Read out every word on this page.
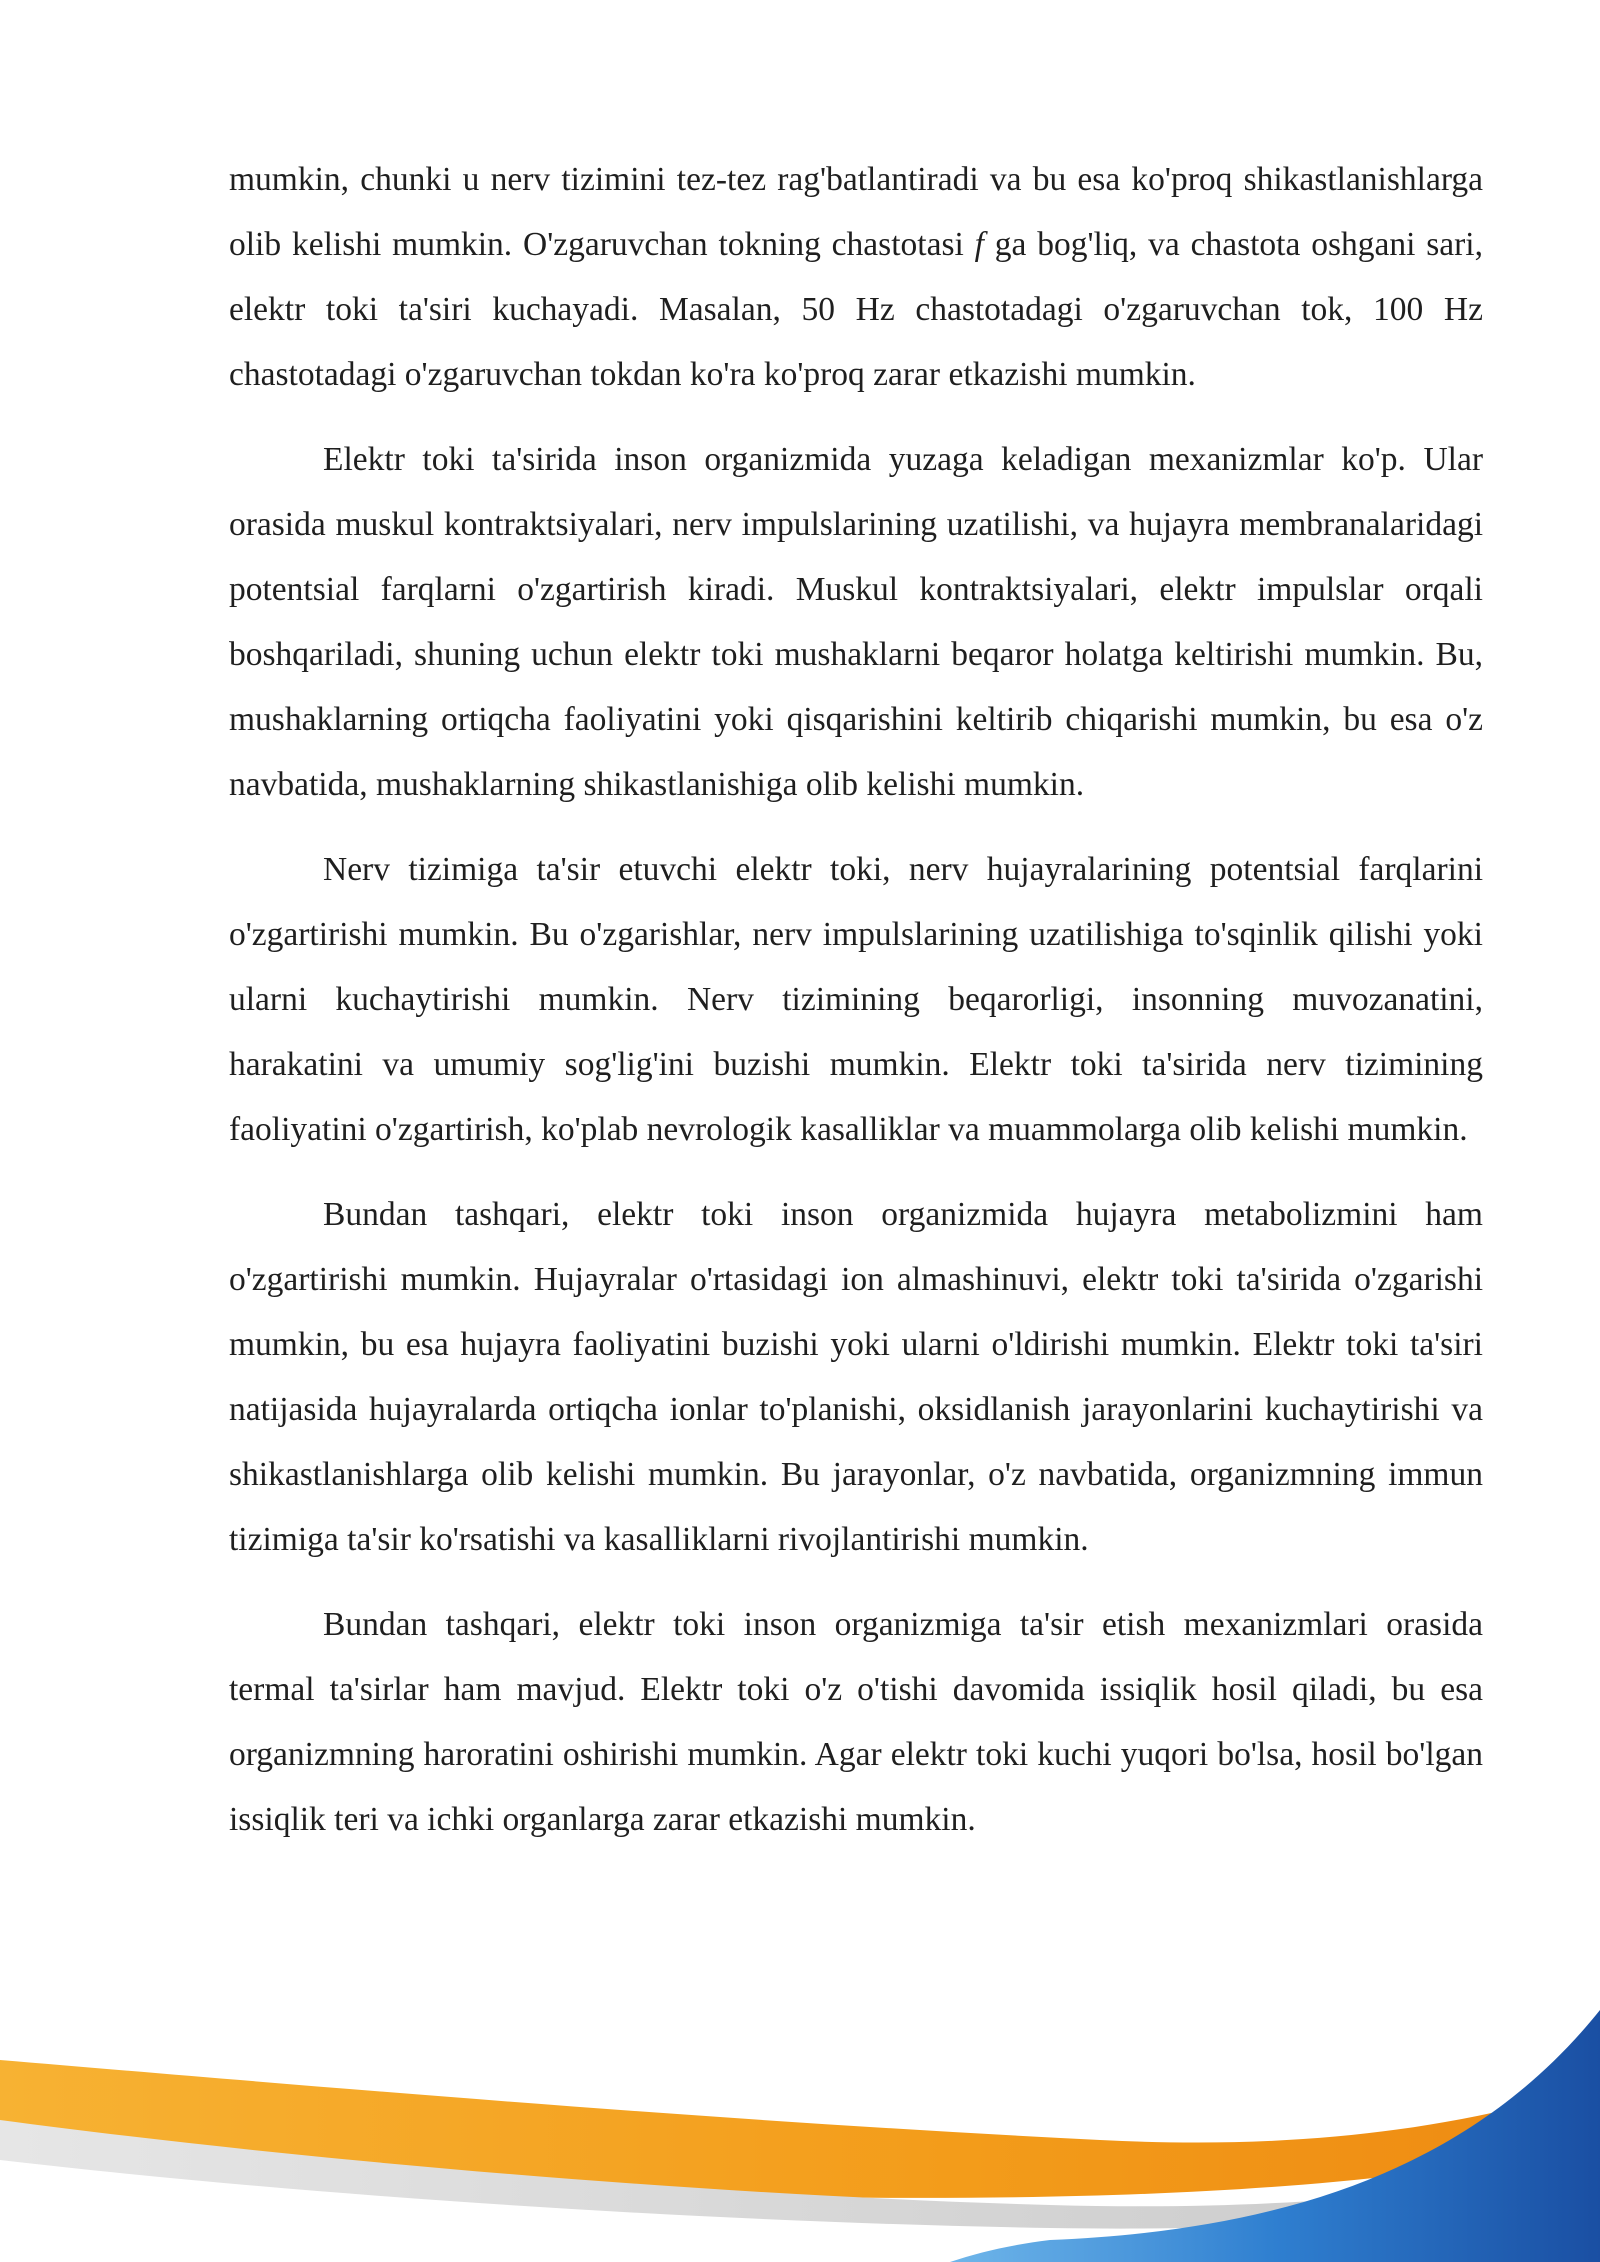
mumkin, chunki u nerv tizimini tez-tez rag'batlantiradi va bu esa ko'proq shikastlanishlarga olib kelishi mumkin. O'zgaruvchan tokning chastotasi f ga bog'liq, va chastota oshgani sari, elektr toki ta'siri kuchayadi. Masalan, 50 Hz chastotadagi o'zgaruvchan tok, 100 Hz chastotadagi o'zgaruvchan tokdan ko'ra ko'proq zarar etkazishi mumkin.

Elektr toki ta'sirida inson organizmida yuzaga keladigan mexanizmlar ko'p. Ular orasida muskul kontraktsiyalari, nerv impulslarining uzatilishi, va hujayra membranalaridagi potentsial farqlarni o'zgartirish kiradi. Muskul kontraktsiyalari, elektr impulslar orqali boshqariladi, shuning uchun elektr toki mushaklarni beqaror holatga keltirishi mumkin. Bu, mushaklarning ortiqcha faoliyatini yoki qisqarishini keltirib chiqarishi mumkin, bu esa o'z navbatida, mushaklarning shikastlanishiga olib kelishi mumkin.

Nerv tizimiga ta'sir etuvchi elektr toki, nerv hujayralarining potentsial farqlarini o'zgartirishi mumkin. Bu o'zgarishlar, nerv impulslarining uzatilishiga to'sqinlik qilishi yoki ularni kuchaytirishi mumkin. Nerv tizimining beqarorligi, insonning muvozanatini, harakatini va umumiy sog'lig'ini buzishi mumkin. Elektr toki ta'sirida nerv tizimining faoliyatini o'zgartirish, ko'plab nevrologik kasalliklar va muammolarga olib kelishi mumkin.

Bundan tashqari, elektr toki inson organizmida hujayra metabolizmini ham o'zgartirishi mumkin. Hujayralar o'rtasidagi ion almashinuvi, elektr toki ta'sirida o'zgarishi mumkin, bu esa hujayra faoliyatini buzishi yoki ularni o'ldirishi mumkin. Elektr toki ta'siri natijasida hujayralarda ortiqcha ionlar to'planishi, oksidlanish jarayonlarini kuchaytirishi va shikastlanishlarga olib kelishi mumkin. Bu jarayonlar, o'z navbatida, organizmning immun tizimiga ta'sir ko'rsatishi va kasalliklarni rivojlantirishi mumkin.

Bundan tashqari, elektr toki inson organizmiga ta'sir etish mexanizmlari orasida termal ta'sirlar ham mavjud. Elektr toki o'z o'tishi davomida issiqlik hosil qiladi, bu esa organizmning haroratini oshirishi mumkin. Agar elektr toki kuchi yuqori bo'lsa, hosil bo'lgan issiqlik teri va ichki organlarga zarar etkazishi mumkin.
